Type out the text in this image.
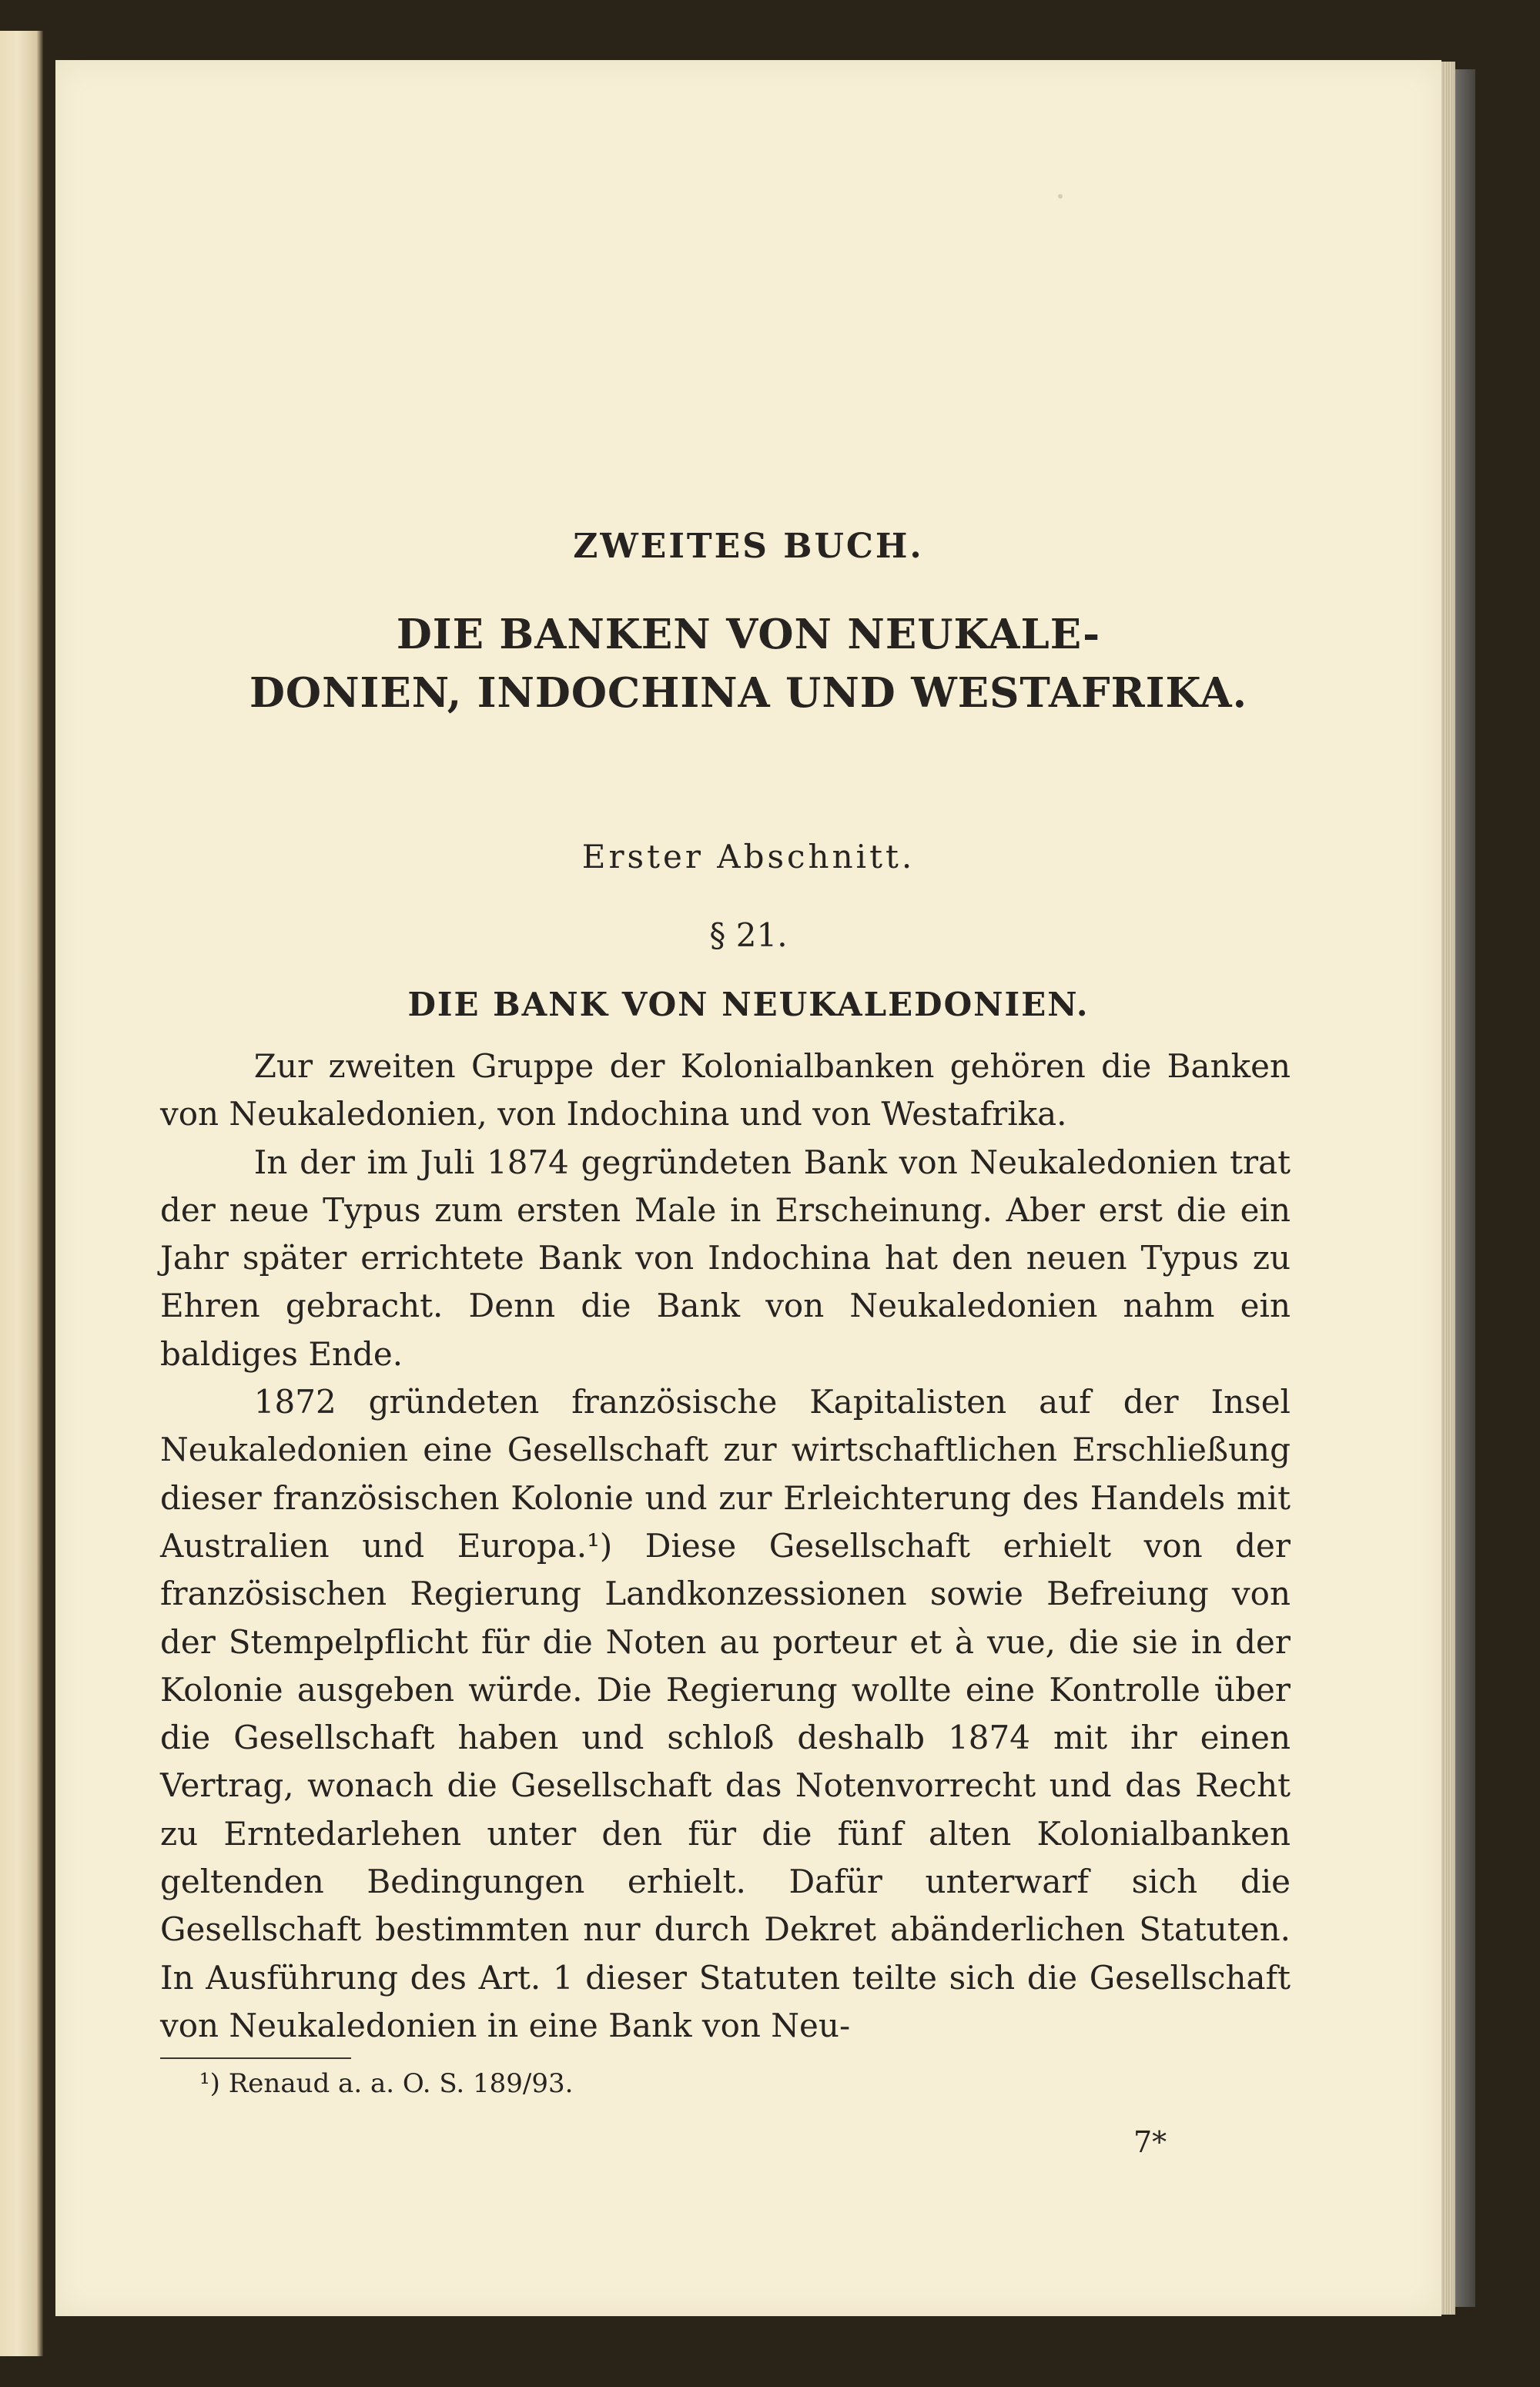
ZWEITES BUCH.
DIE BANKEN VON NEUKALE-
DONIEN, INDOCHINA UND WESTAFRIKA.
Erster Abschnitt.
§ 21.
DIE BANK VON NEUKALEDONIEN.

Zur zweiten Gruppe der Kolonialbanken gehören die Banken von Neukaledonien, von Indochina und von Westafrika.

In der im Juli 1874 gegründeten Bank von Neukaledonien trat der neue Typus zum ersten Male in Erscheinung. Aber erst die ein Jahr später errichtete Bank von Indochina hat den neuen Typus zu Ehren gebracht. Denn die Bank von Neukaledonien nahm ein baldiges Ende.

1872 gründeten französische Kapitalisten auf der Insel Neukaledonien eine Gesellschaft zur wirtschaftlichen Erschließung dieser französischen Kolonie und zur Erleichterung des Handels mit Australien und Europa.¹) Diese Gesellschaft erhielt von der französischen Regierung Landkonzessionen sowie Befreiung von der Stempelpflicht für die Noten au porteur et à vue, die sie in der Kolonie ausgeben würde. Die Regierung wollte eine Kontrolle über die Gesellschaft haben und schloß deshalb 1874 mit ihr einen Vertrag, wonach die Gesellschaft das Notenvorrecht und das Recht zu Erntedarlehen unter den für die fünf alten Kolonialbanken geltenden Bedingungen erhielt. Dafür unterwarf sich die Gesellschaft bestimmten nur durch Dekret abänderlichen Statuten. In Ausführung des Art. 1 dieser Statuten teilte sich die Gesellschaft von Neukaledonien in eine Bank von Neu-

¹) Renaud a. a. O. S. 189/93.
7*
